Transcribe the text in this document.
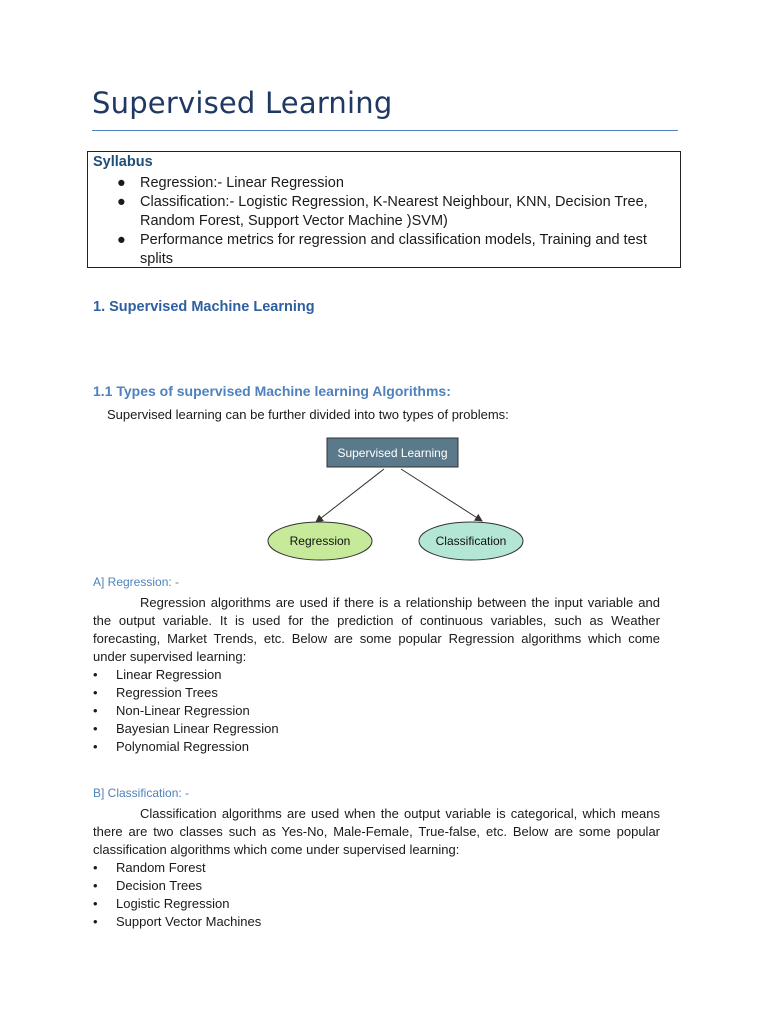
Supervised Learning
Syllabus
● Regression:- Linear Regression
● Classification:- Logistic Regression, K-Nearest Neighbour, KNN, Decision Tree, Random Forest, Support Vector Machine )SVM)
● Performance metrics for regression and classification models, Training and test splits
1. Supervised Machine Learning
1.1 Types of supervised Machine learning Algorithms:
Supervised learning can be further divided into two types of problems:
Supervised Learning
Regression	Classification
A] Regression: -

Regression algorithms are used if there is a relationship between the input variable and the output variable. It is used for the prediction of continuous variables, such as Weather forecasting, Market Trends, etc. Below are some popular Regression algorithms which come under supervised learning:

• Linear Regression
• Regression Trees
• Non-Linear Regression
• Bayesian Linear Regression
• Polynomial Regression
B] Classification: -

Classification algorithms are used when the output variable is categorical, which means there are two classes such as Yes-No, Male-Female, True-false, etc. Below are some popular classification algorithms which come under supervised learning:

• Random Forest
• Decision Trees
• Logistic Regression
• Support Vector Machines
